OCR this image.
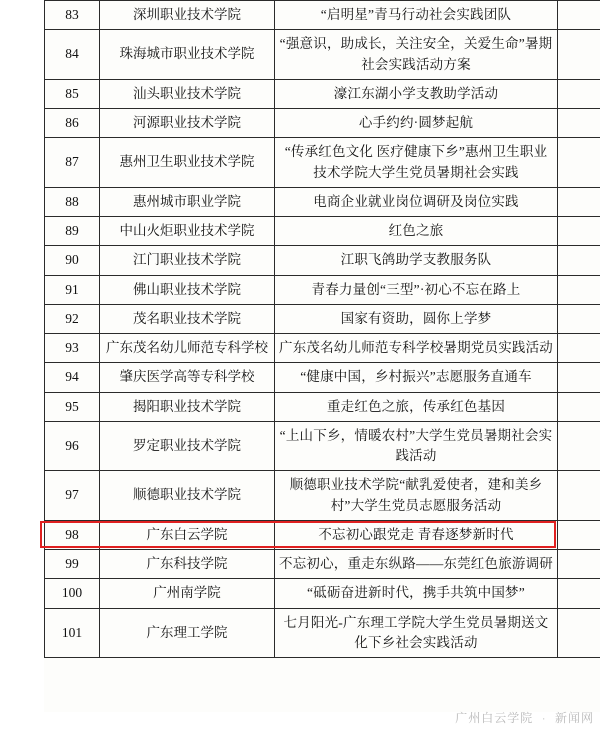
83	深圳职业技术学院	“启明星”青马行动社会实践团队	
84	珠海城市职业技术学院	“强意识，助成长，关注安全，关爱生命”暑期社会实践活动方案	
85	汕头职业技术学院	濠江东湖小学支教助学活动	
86	河源职业技术学院	心手约约·圆梦起航	
87	惠州卫生职业技术学院	“传承红色文化 医疗健康下乡”惠州卫生职业技术学院大学生党员暑期社会实践	
88	惠州城市职业学院	电商企业就业岗位调研及岗位实践	
89	中山火炬职业技术学院	红色之旅	
90	江门职业技术学院	江职飞鸽助学支教服务队	
91	佛山职业技术学院	青春力量创“三型”·初心不忘在路上	
92	茂名职业技术学院	国家有资助，圆你上学梦	
93	广东茂名幼儿师范专科学校	广东茂名幼儿师范专科学校暑期党员实践活动	
94	肇庆医学高等专科学校	“健康中国，乡村振兴”志愿服务直通车	
95	揭阳职业技术学院	重走红色之旅，传承红色基因	
96	罗定职业技术学院	“上山下乡，情暖农村”大学生党员暑期社会实践活动	
97	顺德职业技术学院	顺德职业技术学院“献乳爱使者，建和美乡村”大学生党员志愿服务活动	
98	广东白云学院	不忘初心跟党走 青春逐梦新时代	
99	广东科技学院	不忘初心，重走东纵路——东莞红色旅游调研	
100	广州南学院	“砥砺奋进新时代，携手共筑中国梦”	
101	广东理工学院	七月阳光-广东理工学院大学生党员暑期送文化下乡社会实践活动	
广州白云学院 · 新闻网
